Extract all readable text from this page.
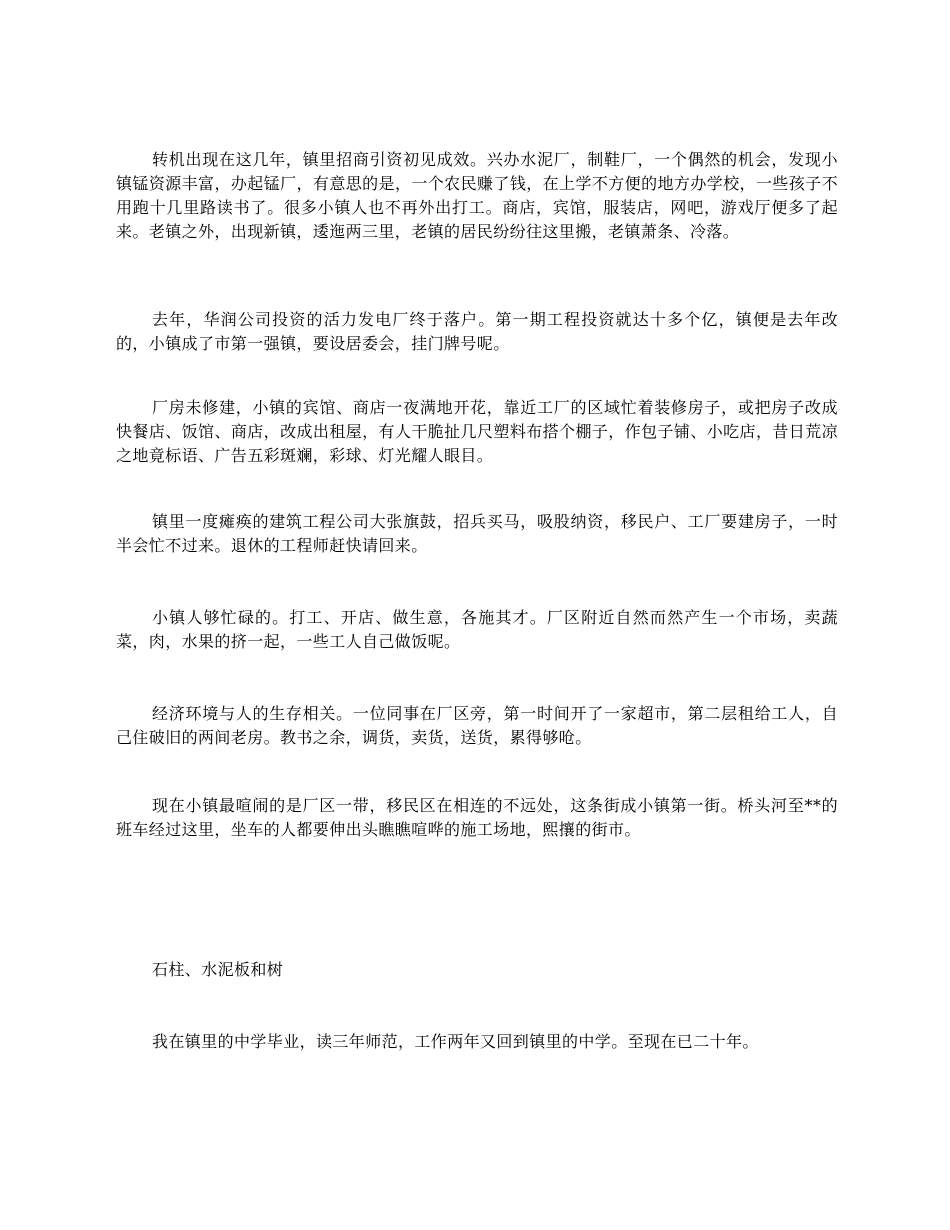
转机出现在这几年，镇里招商引资初见成效。兴办水泥厂，制鞋厂，一个偶然的机会，发现小镇锰资源丰富，办起锰厂，有意思的是，一个农民赚了钱，在上学不方便的地方办学校，一些孩子不用跑十几里路读书了。很多小镇人也不再外出打工。商店，宾馆，服装店，网吧，游戏厅便多了起来。老镇之外，出现新镇，逶迤两三里，老镇的居民纷纷往这里搬，老镇萧条、冷落。

去年，华润公司投资的活力发电厂终于落户。第一期工程投资就达十多个亿，镇便是去年改的，小镇成了市第一强镇，要设居委会，挂门牌号呢。

厂房未修建，小镇的宾馆、商店一夜满地开花，靠近工厂的区域忙着装修房子，或把房子改成快餐店、饭馆、商店，改成出租屋，有人干脆扯几尺塑料布搭个棚子，作包子铺、小吃店，昔日荒凉之地竟标语、广告五彩斑斓，彩球、灯光耀人眼目。

镇里一度瘫痪的建筑工程公司大张旗鼓，招兵买马，吸股纳资，移民户、工厂要建房子，一时半会忙不过来。退休的工程师赶快请回来。

小镇人够忙碌的。打工、开店、做生意，各施其才。厂区附近自然而然产生一个市场，卖蔬菜，肉，水果的挤一起，一些工人自己做饭呢。

经济环境与人的生存相关。一位同事在厂区旁，第一时间开了一家超市，第二层租给工人，自己住破旧的两间老房。教书之余，调货，卖货，送货，累得够呛。

现在小镇最喧闹的是厂区一带，移民区在相连的不远处，这条街成小镇第一街。桥头河至**的班车经过这里，坐车的人都要伸出头瞧瞧喧哗的施工场地，熙攘的街市。

石柱、水泥板和树

我在镇里的中学毕业，读三年师范，工作两年又回到镇里的中学。至现在已二十年。
